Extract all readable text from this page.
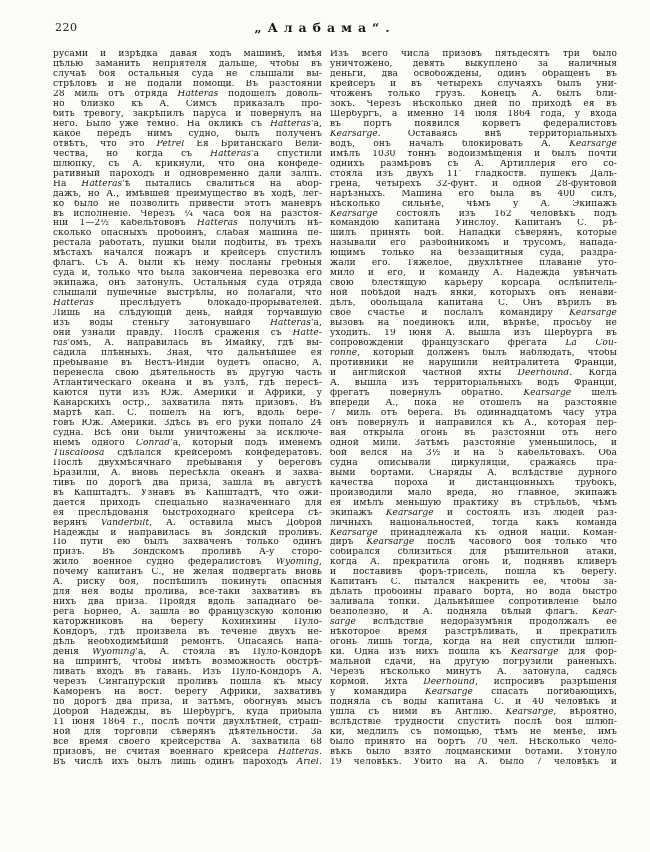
220	„Алабама“.
русами и изрѣдка давая ходъ машинѣ, имѣя
цѣлью заманить непріятеля дальше, чтобы въ
случаѣ боя остальныя суда не слышали вы-
стрѣловъ и не подали помощи. Въ разстояніи
28 миль отъ отряда Hatteras подошелъ доволь-
но близко къ А. Симсъ приказалъ про-
бить тревогу, закрѣпилъ паруса и повернулъ на
него. Было уже темно. На окликъ съ Hatteras'а,
какое передъ нимъ судно, былъ полученъ
отвѣтъ, что это Petrel Ея Британскаго Вели-
чества, но когда съ Hatteras'а спустили
шлюпку, съ А. крикнули, что она конфеде-
ративный пароходъ и одновременно дали залпъ.
На Hatteras'ѣ пытались свалиться на абор-
дажъ, но А., имѣвшей преимущество въ ходѣ, лег-
ко было не позволить привести этотъ маневръ
въ исполненіе. Черезъ ¼ часа боя на разстоя-
ніи 1—2½ кабельтововъ Hatteras получилъ нѣ-
сколько опасныхъ пробоинъ, слабая машина пе-
рестала работать, пушки были подбиты, въ трехъ
мѣстахъ начался пожаръ и крейсеръ спустилъ
флагъ. Съ А. были къ нему посланы гребныя
суда и, только что была закончена перевозка его
экипажа, онъ затонулъ. Остальныя суда отряда
слышали пушечные выстрѣлы, но полагали, что
Hatteras преслѣдуетъ блокадо-прорывателей.
Лишь на слѣдующій день, найдя торчавшую
изъ воды стеньгу затонувшаго Hatteras'а,
они узнали правду. Послѣ сраженія съ Hatte-
ras'омъ, А. направилась въ Ямайку, гдѣ вы-
садила плѣнныхъ. Зная, что дальнѣйшее ея
пребываніе въ Вестъ-Индіи будетъ опасно, А.
перенесла свою дѣятельность въ другую часть
Атлантическаго океана и въ узлѣ, гдѣ пересѣ-
каются пути изъ Юж. Америки и Африки, у
Канарскихъ остр., захватила пять призовъ. Въ
мартѣ кап. С. пошелъ на югъ, вдоль бере-
говъ Юж. Америки. Здѣсь въ его руки попало 24
судна. Всѣ они были уничтожены за исключе-
ніемъ одного Conrad'а, который подъ именемъ
Tuscaloosa сдѣлался крейсеромъ конфедератовъ.
Послѣ двухмѣсячнаго пребыванія у береговъ
Бразиліи, А. вновь пересѣкла океанъ и захва-
тивъ по дорогѣ два приза, зашла въ августѣ
въ Капштадтъ. Узнавъ въ Капштадтѣ, что ожи-
дается приходъ спеціально назначеннаго для
ея преслѣдованія быстроходнаго крейсера сѣ-
верянъ Vanderbilt, А. оставила мысъ Доброй
Надежды и направилась въ Зондскій проливъ.
По пути ею былъ захваченъ только одинъ
призъ. Въ Зондскомъ проливѣ А-у сторо-
жило военное судно федералистовъ Wyoming,
почему капитанъ С., не желая подвергать вновь
А. риску боя, поспѣшилъ покинуть опасныя
для нея воды пролива, все-таки захвативъ въ
нихъ два приза. Пройдя вдоль западнаго бе-
рега Борнео, А. зашла во французскую колонію
каторжниковъ на берегу Кохинхины Пуло-
Кондоръ, гдѣ произвела въ теченіе двухъ не-
дѣль необходимѣйшій ремонтъ. Опасаясь напа-
денія Wyoming'а, А. стояла въ Пуло-Кондорѣ
на шпрингѣ, чтобы имѣть возможность обстрѣ-
ливать входъ въ гавань. Изъ Пуло-Кондоръ А.
черезъ Сингапурскій проливъ пошла къ мысу
Каморенъ на вост. берегу Африки, захвативъ
по дорогѣ два приза, и затѣмъ, обогнувъ мысъ
Доброй Надежды, въ Шербургъ, куда прибыла
11 іюня 1864 г., послѣ почти двухлѣтней, страш-
ной для торговли сѣверянъ дѣятельности. За
все время своего крейсерства А. захватила 68
призовъ, не считая военнаго крейсера Hatteras.
Въ числѣ ихъ былъ лишь одинъ пароходъ Ariel.
Изъ всего числа призовъ пятьдесятъ три было
уничтожено, девять выкуплено за наличныя
деньги, два освобождены, одинъ обращенъ въ
крейсеръ и въ четырехъ случаяхъ былъ уни-
чтоженъ только грузъ. Конецъ А. былъ бли-
зокъ. Черезъ нѣсколько дней по приходѣ ея въ
Шербургъ, а именно 14 іюля 1864 года, у входа
въ портъ появился корветъ федералистовъ
Kearsarge. Оставаясь внѣ территоріальныхъ
водъ, онъ началъ блокировать А. Kearsarge
имѣлъ 1030 тоннъ водоизмѣщенія и былъ почти
однихъ размѣровъ съ А. Артиллерія его со-
стояла изъ двухъ 11″ гладкоств. пушекъ Даль-
грена, четырехъ 32-фунт. и одной 28-фунтовой
нарѣзныхъ. Машина его была въ 400 силъ,
нѣсколько сильнѣе, чѣмъ у А. Экипажъ
Kearsarge состоялъ изъ 162 человѣкъ подъ
командою капитана Уинслоу. Капитанъ С. рѣ-
шилъ принять бой. Нападки сѣверянъ, которые
называли его разбойникомъ и трусомъ, напада-
ющимъ только на беззащитныя суда, раздра-
жали его. Тяжелое, двухлѣтнее плаваніе уто-
мило и его, и команду А. Надежда увѣнчать
свою блестящую карьеру корсара ослѣпитель-
ной побѣдой надъ янки, которыхъ онъ ненави-
дѣлъ, обольщала капитана С. Онъ вѣрилъ въ
свое счастье и послалъ командиру Kearsarge
вызовъ на поединокъ или, вѣрнѣе, просьбу не
уходить. 19 іюня А. вышла изъ Шербурга въ
сопровожденіи французскаго фрегата La Cou-
ronne, который долженъ былъ наблюдать, чтобы
противники не нарушили нейтралитета Франціи,
и англійской частной яхты Deerhound. Когда
А. вышла изъ территоріальныхъ водъ Франціи,
фрегатъ повернулъ обратно. Kearsarge шелъ
впереди А., пока не отошелъ на разстояніе
7 миль отъ берега. Въ одиннадцатомъ часу утра
онъ повернулъ и направился къ А., которая пер-
вая открыла огонь въ разстояніи отъ него
одной мили. Затѣмъ разстояніе уменьшилось, и
бой велся на 3½ и на 5 кабельтовахъ. Оба
судна описывали циркуляціи, сражаясь пра-
выми бортами. Снаряды А. вслѣдствіе дурного
качества пороха и дистанціонныхъ трубокъ,
производили мало вреда, но главное, экипажъ
ея имѣлъ меньшую практику въ стрѣльбѣ, чѣмъ
экипажъ Kearsarge и состоялъ изъ людей раз-
личныхъ національностей, тогда какъ команда
Kearsarge принадлежала къ одной націи. Коман-
диръ Kearsarge послѣ часового боя только что
собирался сблизиться для рѣшительной атаки,
когда А. прекратила огонь и, поднявъ кливеръ
и поставивъ форъ-трисель, пошла къ берегу.
Капитанъ С. пытался накренить ее, чтобы за-
дѣлать пробоины праваго борта, но вода быстро
заливала топки. Дальнѣйшее сопротивленіе было
безполезно, и А. подняла бѣлый флагъ. Kear-
sarge вслѣдствіе недоразумѣнія продолжалъ ее
нѣкоторое время разстрѣливать, и прекратилъ
огонь лишь тогда, когда на ней спустили шлюп-
ки. Одна изъ нихъ пошла къ Kearsarge для фор-
мальной сдачи, на другую погрузили раненыхъ.
Черезъ нѣсколько минутъ А. затонула, садясь
кормой. Яхта Deerhound, испросивъ разрѣшенія
у командира Kearsarge спасать погибающихъ,
подняла съ воды капитана С. и 40 человѣкъ и
ушла съ ними въ Англію. Kearsarge, вѣроятно,
вслѣдствіе трудности спустить послѣ боя шлюп-
ки, медлилъ съ помощью, тѣмъ не менѣе, имъ
было принято на бортъ 70 чел. Нѣсколько чело-
вѣкъ было взято лоцманскими ботами. Утонуло
19 человѣкъ. Убито на А. было 7 человѣкъ и
